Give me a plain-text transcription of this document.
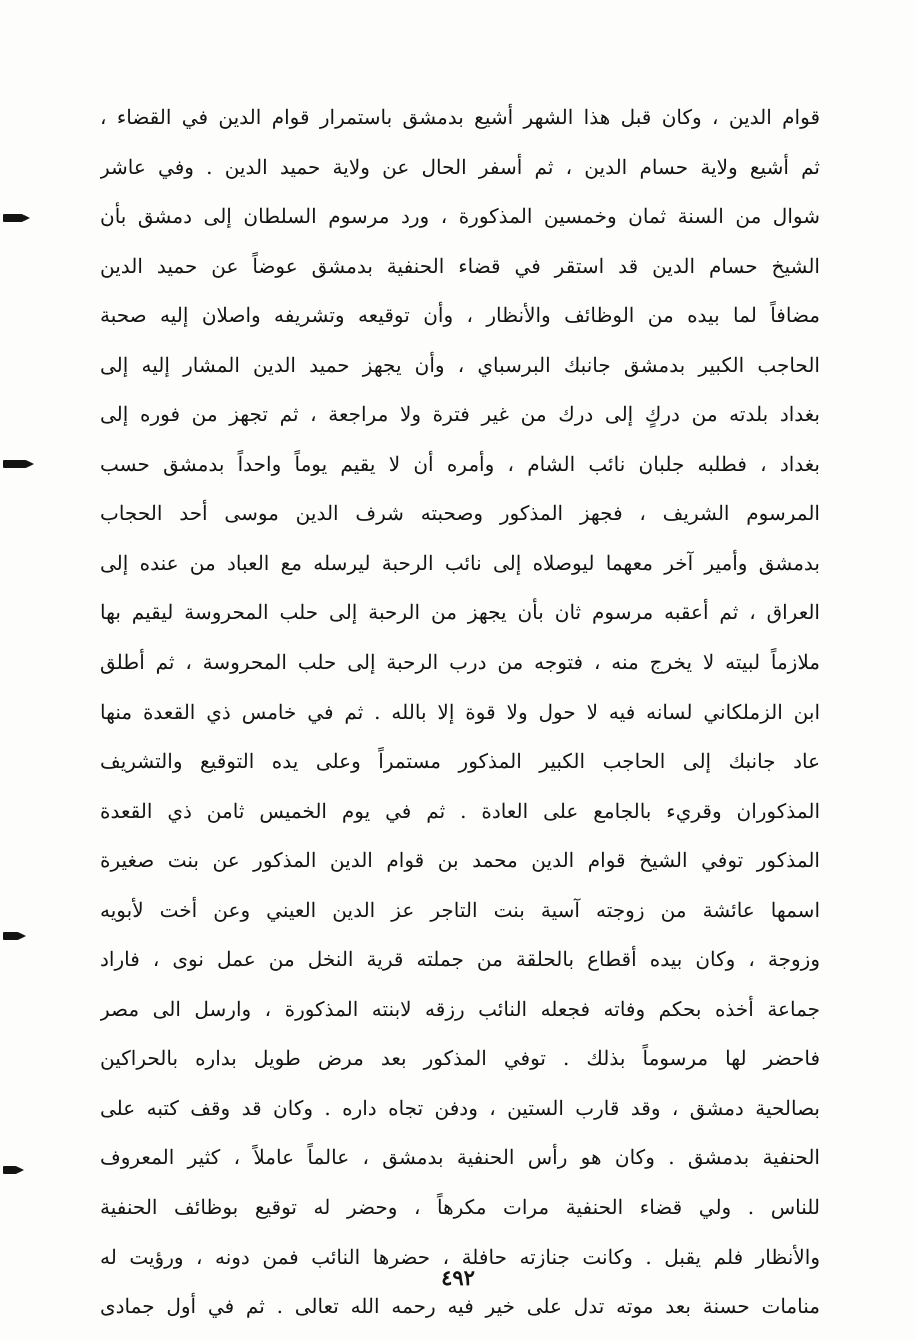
قوام الدين ، وكان قبل هذا الشهر أشيع بدمشق باستمرار قوام الدين في القضاء ،
ثم أشيع ولاية حسام الدين ، ثم أسفر الحال عن ولاية حميد الدين . وفي عاشر
شوال من السنة ثمان وخمسين المذكورة ، ورد مرسوم السلطان إلى دمشق بأن
الشيخ حسام الدين قد استقر في قضاء الحنفية بدمشق عوضاً عن حميد الدين
مضافاً لما بيده من الوظائف والأنظار ، وأن توقيعه وتشريفه واصلان إليه صحبة
الحاجب الكبير بدمشق جانبك البرسباي ، وأن يجهز حميد الدين المشار إليه إلى
بغداد بلدته من دركٍ إلى درك من غير فترة ولا مراجعة ، ثم تجهز من فوره إلى
بغداد ، فطلبه جلبان نائب الشام ، وأمره أن لا يقيم يوماً واحداً بدمشق حسب
المرسوم الشريف ، فجهز المذكور وصحبته شرف الدين موسى أحد الحجاب
بدمشق وأمير آخر معهما ليوصلاه إلى نائب الرحبة ليرسله مع العباد من عنده إلى
العراق ، ثم أعقبه مرسوم ثان بأن يجهز من الرحبة إلى حلب المحروسة ليقيم بها
ملازماً لبيته لا يخرج منه ، فتوجه من درب الرحبة إلى حلب المحروسة ، ثم أطلق
ابن الزملكاني لسانه فيه لا حول ولا قوة إلا بالله . ثم في خامس ذي القعدة منها
عاد جانبك إلى الحاجب الكبير المذكور مستمراً وعلى يده التوقيع والتشريف
المذكوران وقريء بالجامع على العادة . ثم في يوم الخميس ثامن ذي القعدة
المذكور توفي الشيخ قوام الدين محمد بن قوام الدين المذكور عن بنت صغيرة
اسمها عائشة من زوجته آسية بنت التاجر عز الدين العيني وعن أخت لأبويه
وزوجة ، وكان بيده أقطاع بالحلقة من جملته قرية النخل من عمل نوى ، فاراد
جماعة أخذه بحكم وفاته فجعله النائب رزقه لابنته المذكورة ، وارسل الى مصر
فاحضر لها مرسوماً بذلك . توفي المذكور بعد مرض طويل بداره بالحراكين
بصالحية دمشق ، وقد قارب الستين ، ودفن تجاه داره . وكان قد وقف كتبه على
الحنفية بدمشق . وكان هو رأس الحنفية بدمشق ، عالماً عاملاً ، كثير المعروف
للناس . ولي قضاء الحنفية مرات مكرهاً ، وحضر له توقيع بوظائف الحنفية
والأنظار فلم يقبل . وكانت جنازته حافلة ، حضرها النائب فمن دونه ، ورؤيت له
منامات حسنة بعد موته تدل على خير فيه رحمه الله تعالى . ثم في أول جمادى
٤٩٢
